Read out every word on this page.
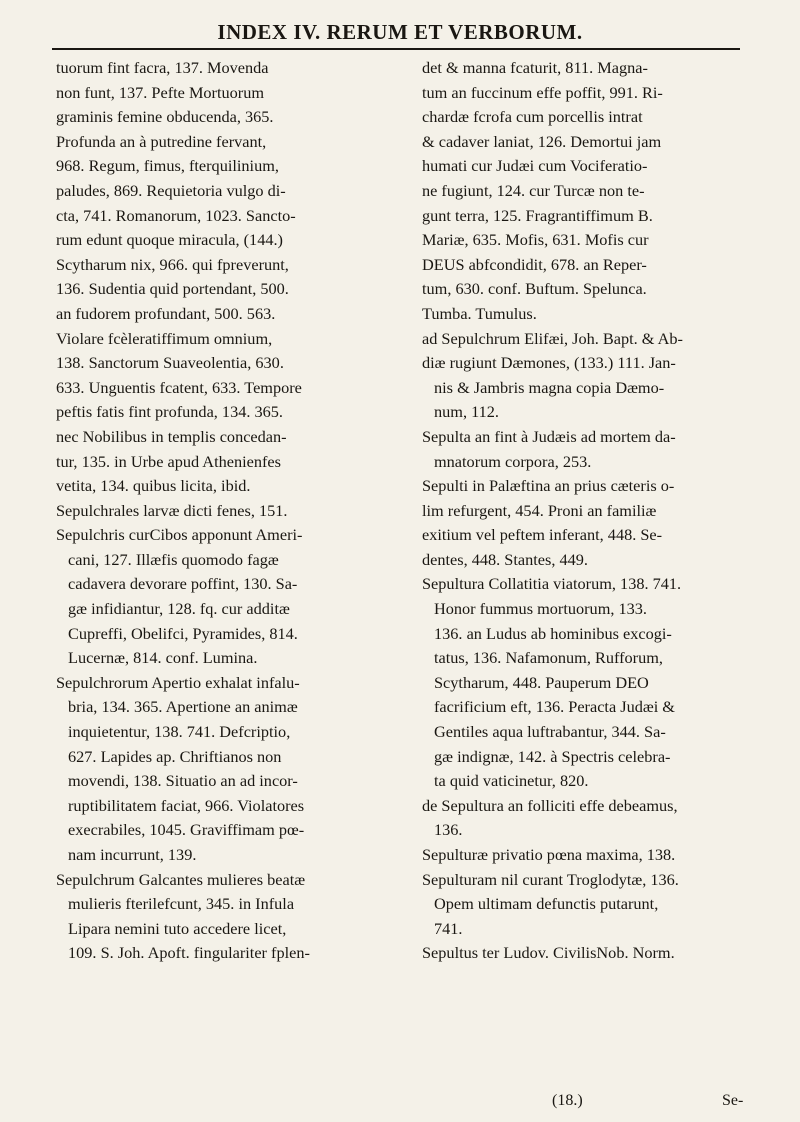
INDEX IV. RERUM ET VERBORUM.
tuorum fint facra, 137. Movenda
non funt, 137. Pefte Mortuorum
graminis femine obducenda, 365.
Profunda an à putredine fervant,
968. Regum, fimus, fterquilinium,
paludes, 869. Requietoria vulgo di-
cta, 741. Romanorum, 1023. Sancto-
rum edunt quoque miracula, (144.)
Scytharum nix, 966. qui fpreverunt,
136. Sudentia quid portendant, 500.
an fudorem profundant, 500. 563.
Violare fcèleratiffimum omnium,
138. Sanctorum Suaveolentia, 630.
633. Unguentis fcatent, 633. Tempore
peftis fatis fint profunda, 134. 365.
nec Nobilibus in templis concedan-
tur, 135. in Urbe apud Athenienfes
vetita, 134. quibus licita, ibid.
Sepulchrales larvæ dicti fenes, 151.
Sepulchris curCibos apponunt Ameri-
cani, 127. Illæfis quomodo fagæ
cadavera devorare poffint, 130. Sa-
gæ infidiantur, 128. fq. cur additæ
Cupreffi, Obelifci, Pyramides, 814.
Lucernæ, 814. conf. Lumina.
Sepulchrorum Apertio exhalat infalu-
bria, 134. 365. Apertione an animæ
inquietentur, 138. 741. Defcriptio,
627. Lapides ap. Chriftianos non
movendi, 138. Situatio an ad incor-
ruptibilitatem faciat, 966. Violatores
execrabiles, 1045. Graviffimam pœ-
nam incurrunt, 139.
Sepulchrum Galcantes mulieres beatæ
mulieris fterilefcunt, 345. in Infula
Lipara nemini tuto accedere licet,
109. S. Joh. Apoft. fingulariter fplen-
det & manna fcaturit, 811. Magna-
tum an fuccinum effe poffit, 991. Ri-
chardæ fcrofa cum porcellis intrat
& cadaver laniat, 126. Demortui jam
humati cur Judæi cum Vociferatio-
ne fugiunt, 124. cur Turcæ non te-
gunt terra, 125. Fragrantiffimum B.
Mariæ, 635. Mofis, 631. Mofis cur
DEUS abfcondidit, 678. an Reper-
tum, 630. conf. Buftum. Spelunca.
Tumba. Tumulus.
ad Sepulchrum Elifæi, Joh. Bapt. & Ab-
diæ rugiunt Dæmones, (133.) 111. Jan-
nis & Jambris magna copia Dæmo-
num, 112.
Sepulta an fint à Judæis ad mortem da-
mnatorum corpora, 253.
Sepulti in Palæftina an prius cæteris o-
lim refurgent, 454. Proni an familiæ
exitium vel peftem inferant, 448. Se-
dentes, 448. Stantes, 449.
Sepultura Collatitia viatorum, 138. 741.
Honor fummus mortuorum, 133.
136. an Ludus ab hominibus excogi-
tatus, 136. Nafamonum, Rufforum,
Scytharum, 448. Pauperum DEO
facrificium eft, 136. Peracta Judæi &
Gentiles aqua luftrabantur, 344. Sa-
gæ indignæ, 142. à Spectris celebra-
ta quid vaticinetur, 820.
de Sepultura an folliciti effe debeamus,
136.
Sepulturæ privatio pœna maxima, 138.
Sepulturam nil curant Troglodytæ, 136.
Opem ultimam defunctis putarunt,
741.
Sepultus ter Ludov. CivilisNob. Norm.
(18.)	Se-
